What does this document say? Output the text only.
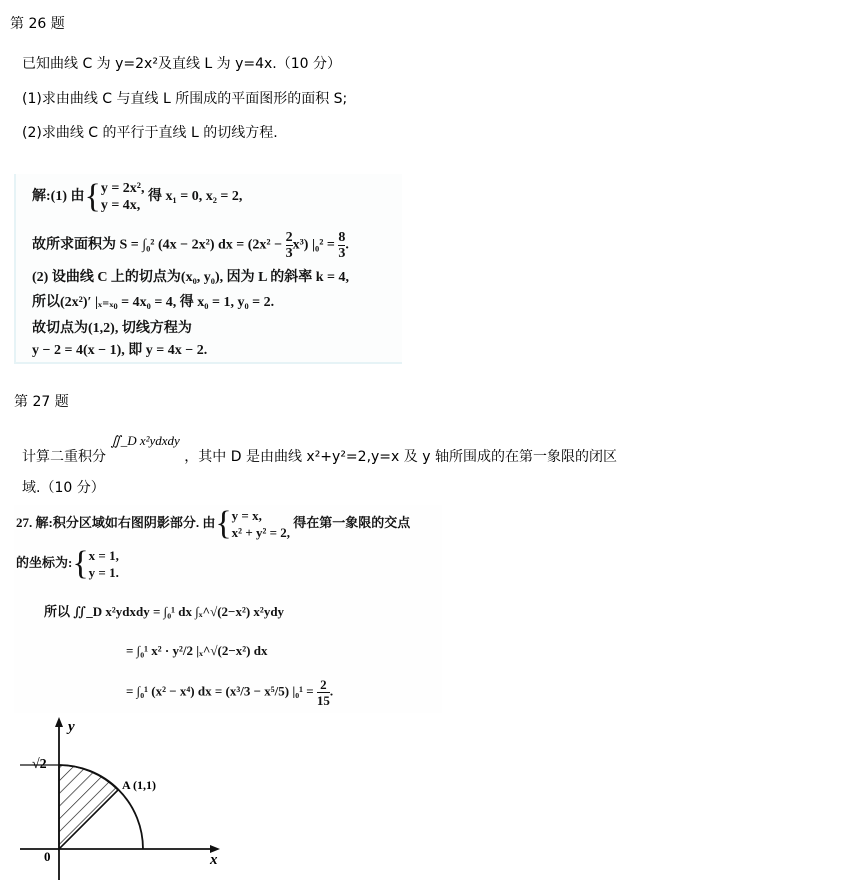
第 26 题
已知曲线 C 为 y=2x²及直线 L 为 y=4x.（10 分）
(1)求由曲线 C 与直线 L 所围成的平面图形的面积 S;
(2)求曲线 C 的平行于直线 L 的切线方程.
解:(1) 由{y = 2x²,
y = 4x, 得 x₁ = 0, x₂ = 2,
故所求面积为 S = ∫₀² (4x − 2x²) dx = $(2x^2 - \frac{2}{3} x^3)$ $|_0^2 = \frac{8}{3}$ .
(2) 设曲线 C 上的切点为(x₀, y₀), 因为 L 的斜率 k = 4,
所以(2x²)′ |ₓ₌ₓ₀ = 4x₀ = 4, 得 x₀ = 1, y₀ = 2.
故切点为(1,2), 切线方程为
y − 2 = 4(x − 1), 即 y = 4x − 2.
第 27 题
计算二重积分 ∬_D x²ydxdy ，其中 D 是由曲线 x²+y²=2,y=x 及 y 轴所围成的在第一象限的闭区
域.（10 分）
27. 解:积分区域如右图阴影部分. 由{y = x,
x² + y² = 2, 得在第一象限的交点
的坐标为:{x = 1,
y = 1.
所以 ∬_D x²ydxdy = ∫₀¹ dx ∫ₓ^√(2−x²) x²ydy
= ∫₀¹ x² · y²/2 |ₓ^√(2−x²) dx
= ∫₀¹ (x² − x⁴) dx = (x³/3 − x⁵/5) $|_0^1 = \frac{2}{15}$ .
y
x
0
√2
A (1,1)
